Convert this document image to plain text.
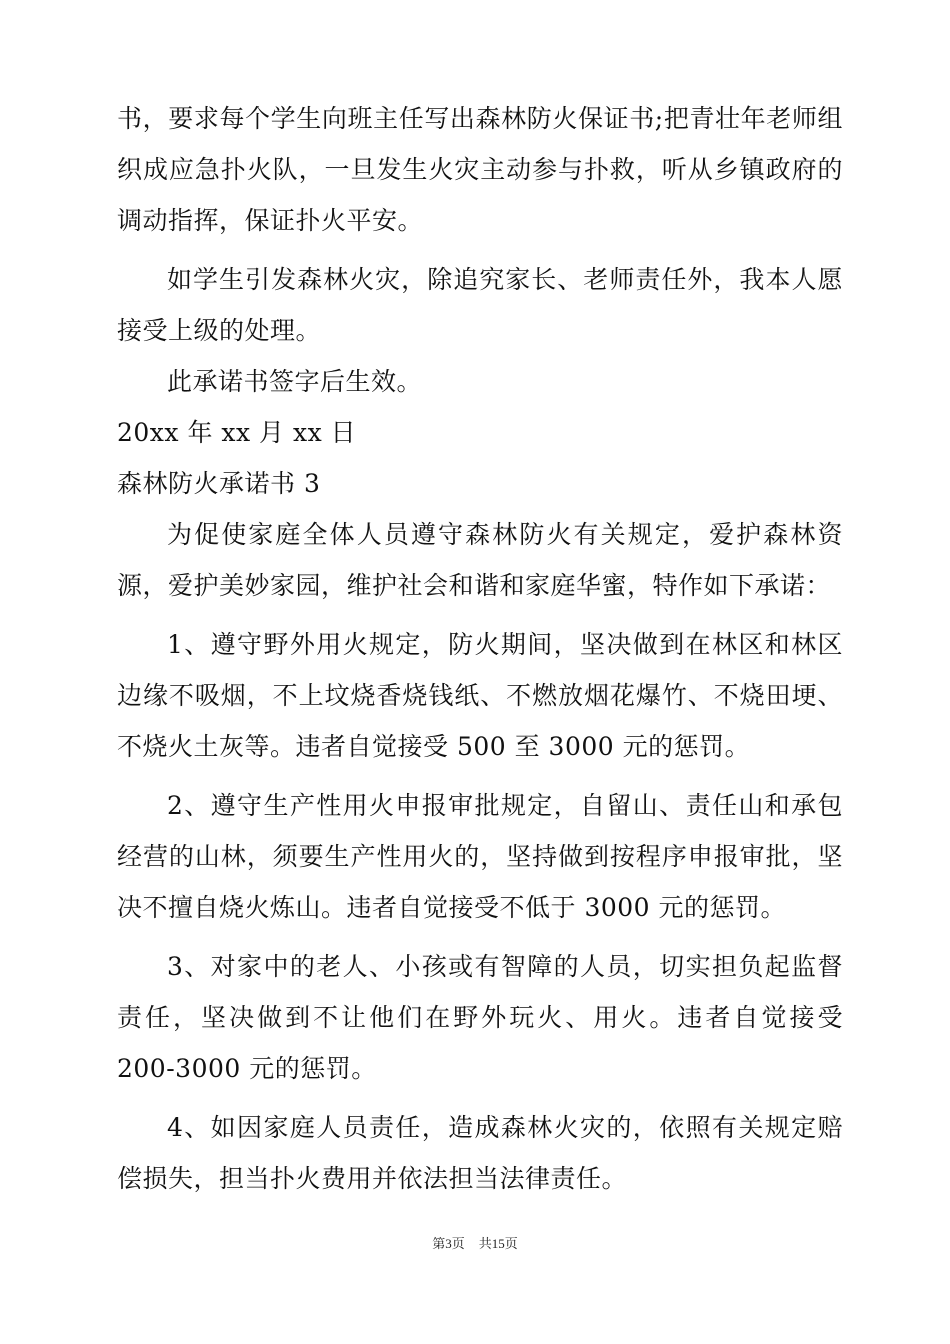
书，要求每个学生向班主任写出森林防火保证书;把青壮年老师组织成应急扑火队，一旦发生火灾主动参与扑救，听从乡镇政府的调动指挥，保证扑火平安。

如学生引发森林火灾，除追究家长、老师责任外，我本人愿接受上级的处理。

此承诺书签字后生效。

20xx 年 xx 月 xx 日

森林防火承诺书 3

为促使家庭全体人员遵守森林防火有关规定，爱护森林资源，爱护美妙家园，维护社会和谐和家庭华蜜，特作如下承诺：

1、遵守野外用火规定，防火期间，坚决做到在林区和林区边缘不吸烟，不上坟烧香烧钱纸、不燃放烟花爆竹、不烧田埂、不烧火土灰等。违者自觉接受 500 至 3000 元的惩罚。

2、遵守生产性用火申报审批规定，自留山、责任山和承包经营的山林，须要生产性用火的，坚持做到按程序申报审批，坚决不擅自烧火炼山。违者自觉接受不低于 3000 元的惩罚。

3、对家中的老人、小孩或有智障的人员，切实担负起监督责任，坚决做到不让他们在野外玩火、用火。违者自觉接受 200-3000 元的惩罚。

4、如因家庭人员责任，造成森林火灾的，依照有关规定赔偿损失，担当扑火费用并依法担当法律责任。

第3页 共15页
